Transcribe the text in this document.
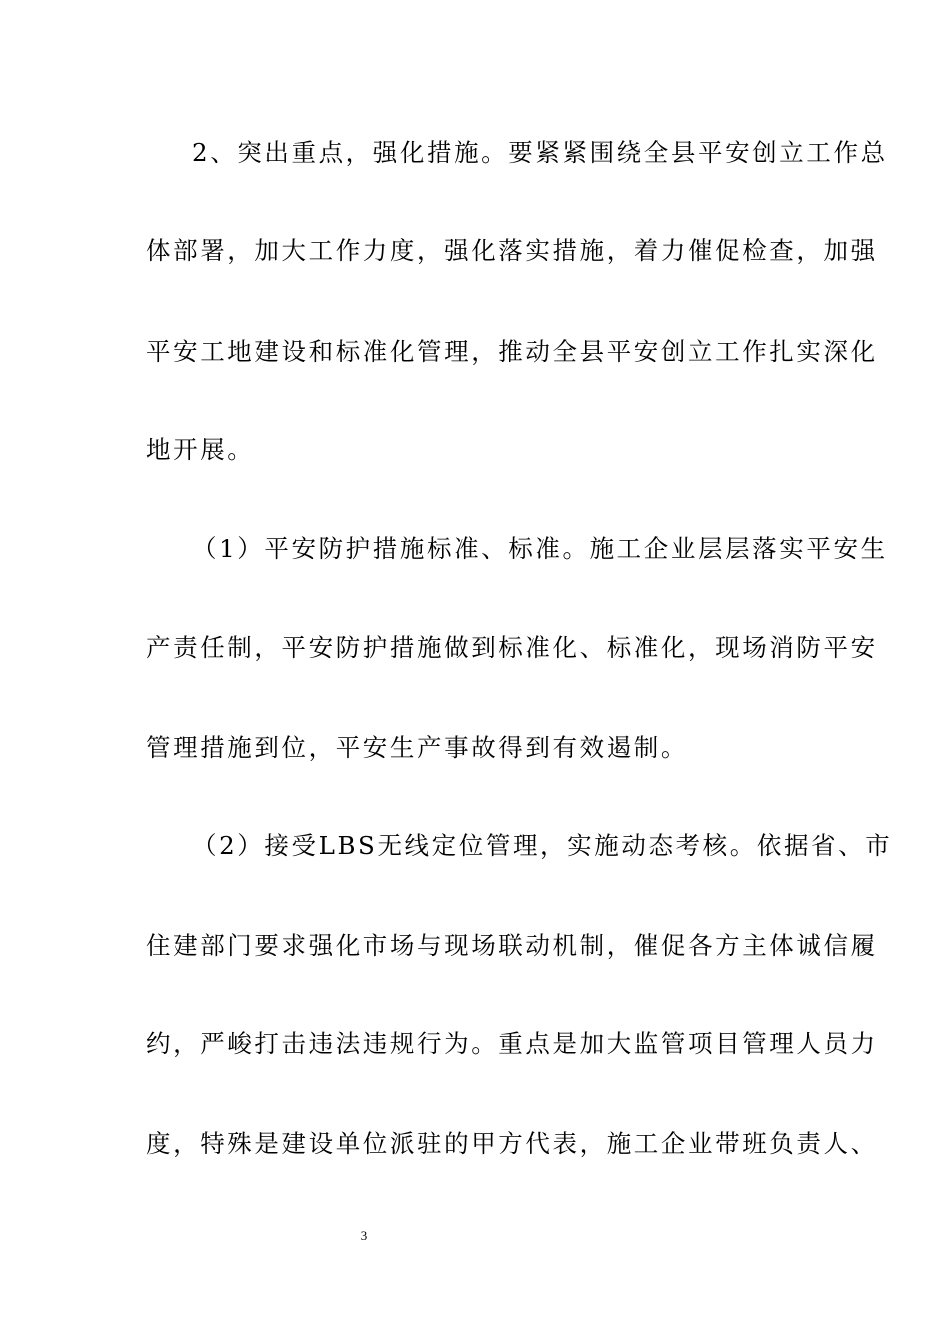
2、突出重点，强化措施。要紧紧围绕全县平安创立工作总
体部署，加大工作力度，强化落实措施，着力催促检查，加强
平安工地建设和标准化管理，推动全县平安创立工作扎实深化
地开展。
（1）平安防护措施标准、标准。施工企业层层落实平安生
产责任制，平安防护措施做到标准化、标准化，现场消防平安
管理措施到位，平安生产事故得到有效遏制。
（2）接受LBS无线定位管理，实施动态考核。依据省、市
住建部门要求强化市场与现场联动机制，催促各方主体诚信履
约，严峻打击违法违规行为。重点是加大监管项目管理人员力
度，特殊是建设单位派驻的甲方代表，施工企业带班负责人、
3
